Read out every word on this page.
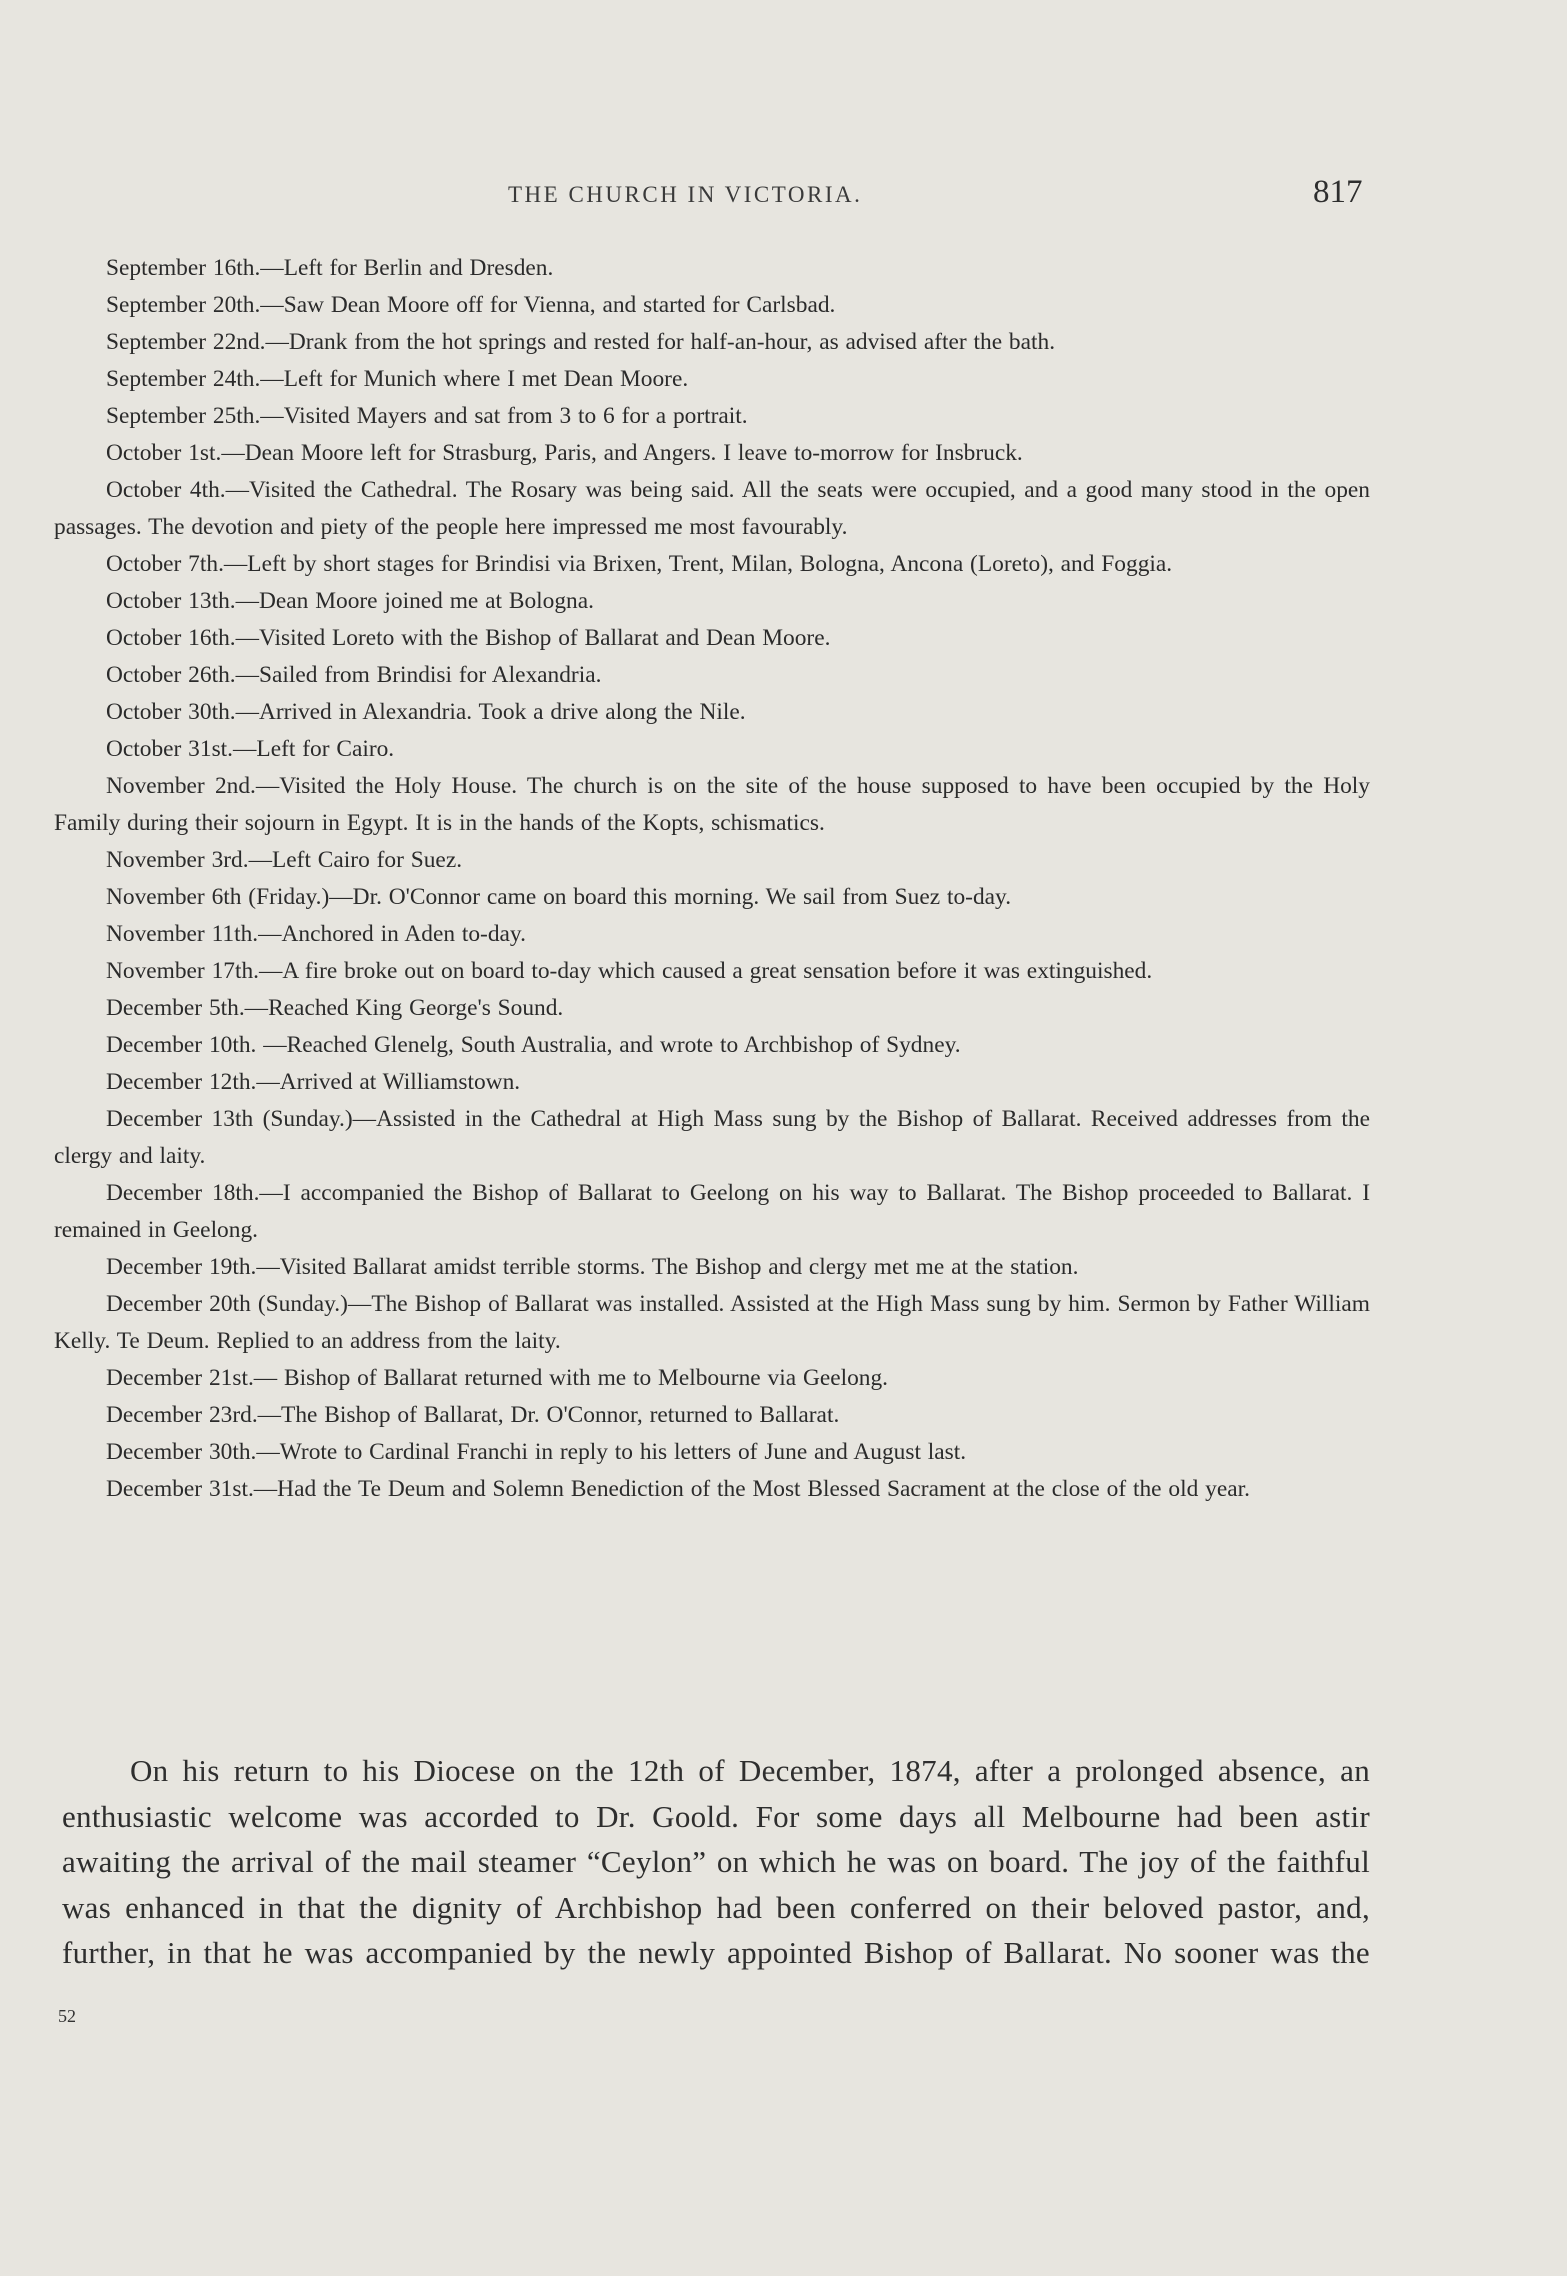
THE CHURCH IN VICTORIA.	817

September 16th.—Left for Berlin and Dresden.

September 20th.—Saw Dean Moore off for Vienna, and started for Carlsbad.

September 22nd.—Drank from the hot springs and rested for half-an-hour, as advised after the bath.

September 24th.—Left for Munich where I met Dean Moore.

September 25th.—Visited Mayers and sat from 3 to 6 for a portrait.

October 1st.—Dean Moore left for Strasburg, Paris, and Angers. I leave to-morrow for Insbruck.

October 4th.—Visited the Cathedral. The Rosary was being said. All the seats were occupied, and a good many stood in the open passages. The devotion and piety of the people here impressed me most favourably.

October 7th.—Left by short stages for Brindisi via Brixen, Trent, Milan, Bologna, Ancona (Loreto), and Foggia.

October 13th.—Dean Moore joined me at Bologna.

October 16th.—Visited Loreto with the Bishop of Ballarat and Dean Moore.

October 26th.—Sailed from Brindisi for Alexandria.

October 30th.—Arrived in Alexandria. Took a drive along the Nile.

October 31st.—Left for Cairo.

November 2nd.—Visited the Holy House. The church is on the site of the house supposed to have been occupied by the Holy Family during their sojourn in Egypt. It is in the hands of the Kopts, schismatics.

November 3rd.—Left Cairo for Suez.

November 6th (Friday.)—Dr. O'Connor came on board this morning. We sail from Suez to-day.

November 11th.—Anchored in Aden to-day.

November 17th.—A fire broke out on board to-day which caused a great sensation before it was extinguished.

December 5th.—Reached King George's Sound.

December 10th. —Reached Glenelg, South Australia, and wrote to Archbishop of Sydney.

December 12th.—Arrived at Williamstown.

December 13th (Sunday.)—Assisted in the Cathedral at High Mass sung by the Bishop of Ballarat. Received addresses from the clergy and laity.

December 18th.—I accompanied the Bishop of Ballarat to Geelong on his way to Ballarat. The Bishop proceeded to Ballarat. I remained in Geelong.

December 19th.—Visited Ballarat amidst terrible storms. The Bishop and clergy met me at the station.

December 20th (Sunday.)—The Bishop of Ballarat was installed. Assisted at the High Mass sung by him. Sermon by Father William Kelly. Te Deum. Replied to an address from the laity.

December 21st.— Bishop of Ballarat returned with me to Melbourne via Geelong.

December 23rd.—The Bishop of Ballarat, Dr. O'Connor, returned to Ballarat.

December 30th.—Wrote to Cardinal Franchi in reply to his letters of June and August last.

December 31st.—Had the Te Deum and Solemn Benediction of the Most Blessed Sacrament at the close of the old year.

On his return to his Diocese on the 12th of December, 1874, after a prolonged absence, an enthusiastic welcome was accorded to Dr. Goold. For some days all Melbourne had been astir awaiting the arrival of the mail steamer “Ceylon” on which he was on board. The joy of the faithful was enhanced in that the dignity of Archbishop had been conferred on their beloved pastor, and, further, in that he was accompanied by the newly appointed Bishop of Ballarat. No sooner was the

52
